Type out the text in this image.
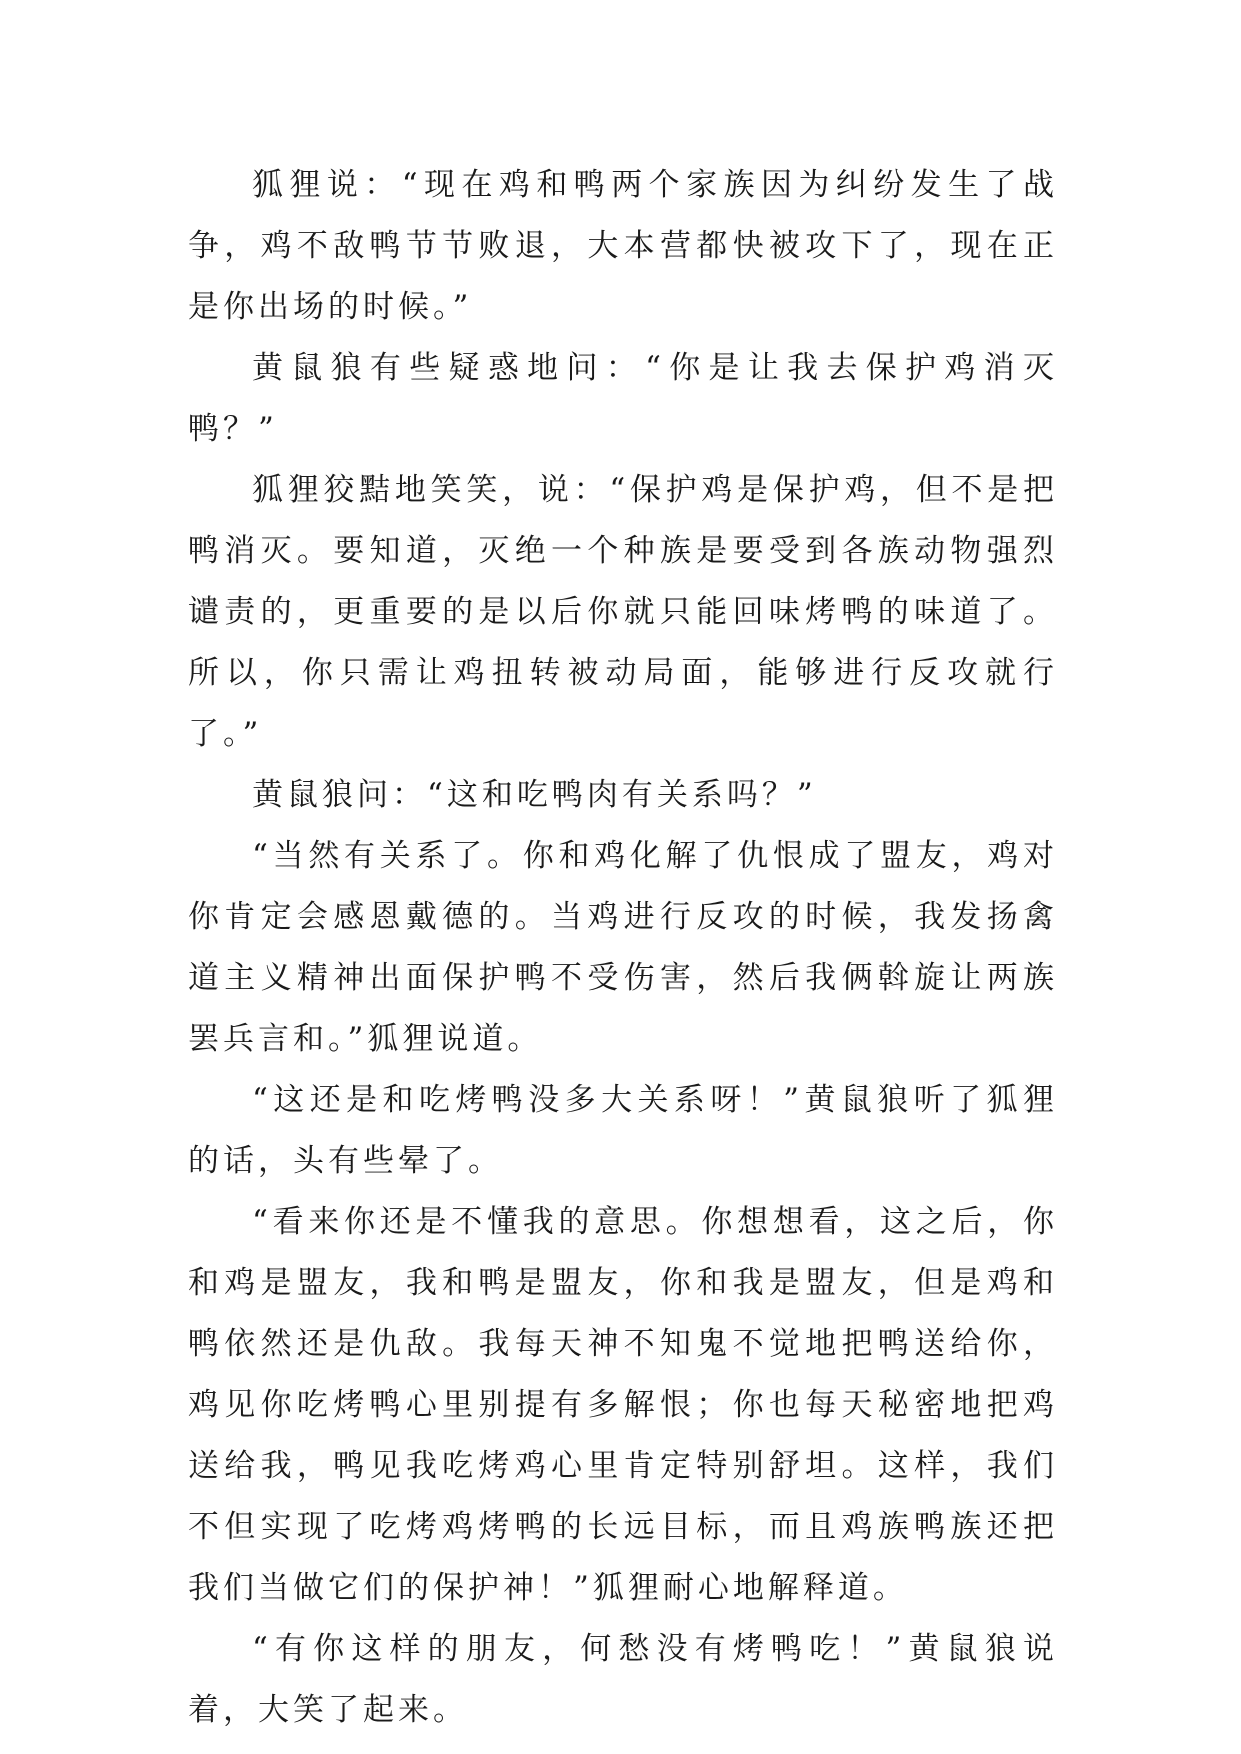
狐狸说：“现在鸡和鸭两个家族因为纠纷发生了战争，鸡不敌鸭节节败退，大本营都快被攻下了，现在正是你出场的时候。”

黄鼠狼有些疑惑地问：“你是让我去保护鸡消灭鸭？”

狐狸狡黠地笑笑，说：“保护鸡是保护鸡，但不是把鸭消灭。要知道，灭绝一个种族是要受到各族动物强烈谴责的，更重要的是以后你就只能回味烤鸭的味道了。所以，你只需让鸡扭转被动局面，能够进行反攻就行了。”

黄鼠狼问：“这和吃鸭肉有关系吗？”

“当然有关系了。你和鸡化解了仇恨成了盟友，鸡对你肯定会感恩戴德的。当鸡进行反攻的时候，我发扬禽道主义精神出面保护鸭不受伤害，然后我俩斡旋让两族罢兵言和。”狐狸说道。

“这还是和吃烤鸭没多大关系呀！”黄鼠狼听了狐狸的话，头有些晕了。

“看来你还是不懂我的意思。你想想看，这之后，你和鸡是盟友，我和鸭是盟友，你和我是盟友，但是鸡和鸭依然还是仇敌。我每天神不知鬼不觉地把鸭送给你，鸡见你吃烤鸭心里别提有多解恨；你也每天秘密地把鸡送给我，鸭见我吃烤鸡心里肯定特别舒坦。这样，我们不但实现了吃烤鸡烤鸭的长远目标，而且鸡族鸭族还把我们当做它们的保护神！”狐狸耐心地解释道。

“有你这样的朋友，何愁没有烤鸭吃！”黄鼠狼说着，大笑了起来。
